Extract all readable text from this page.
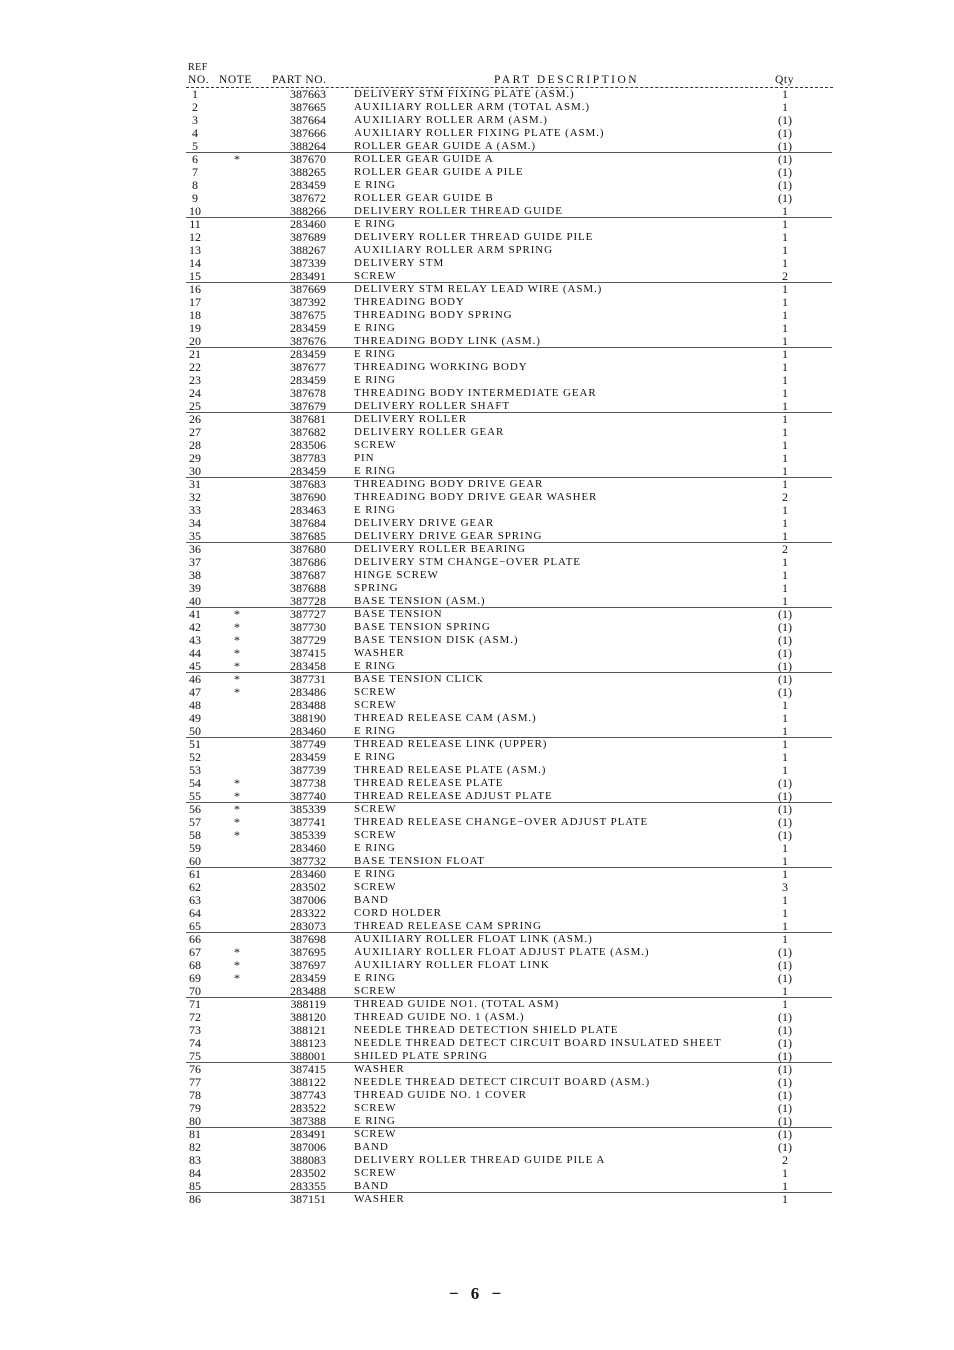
REF
NO. NOTE PART NO.	PART DESCRIPTION	Qty
1	387663	DELIVERY STM FIXING PLATE (ASM.)	1
2	387665	AUXILIARY ROLLER ARM (TOTAL ASM.)	1
3	387664	AUXILIARY ROLLER ARM (ASM.)	(1)
4	387666	AUXILIARY ROLLER FIXING PLATE (ASM.)	(1)
5	388264	ROLLER GEAR GUIDE A (ASM.)	(1)
6	*	387670	ROLLER GEAR GUIDE A	(1)
7	388265	ROLLER GEAR GUIDE A PILE	(1)
8	283459	E RING	(1)
9	387672	ROLLER GEAR GUIDE B	(1)
10	388266	DELIVERY ROLLER THREAD GUIDE	1
11	283460	E RING	1
12	387689	DELIVERY ROLLER THREAD GUIDE PILE	1
13	388267	AUXILIARY ROLLER ARM SPRING	1
14	387339	DELIVERY STM	1
15	283491	SCREW	2
16	387669	DELIVERY STM RELAY LEAD WIRE (ASM.)	1
17	387392	THREADING BODY	1
18	387675	THREADING BODY SPRING	1
19	283459	E RING	1
20	387676	THREADING BODY LINK (ASM.)	1
21	283459	E RING	1
22	387677	THREADING WORKING BODY	1
23	283459	E RING	1
24	387678	THREADING BODY INTERMEDIATE GEAR	1
25	387679	DELIVERY ROLLER SHAFT	1
26	387681	DELIVERY ROLLER	1
27	387682	DELIVERY ROLLER GEAR	1
28	283506	SCREW	1
29	387783	PIN	1
30	283459	E RING	1
31	387683	THREADING BODY DRIVE GEAR	1
32	387690	THREADING BODY DRIVE GEAR WASHER	2
33	283463	E RING	1
34	387684	DELIVERY DRIVE GEAR	1
35	387685	DELIVERY DRIVE GEAR SPRING	1
36	387680	DELIVERY ROLLER BEARING	2
37	387686	DELIVERY STM CHANGE−OVER PLATE	1
38	387687	HINGE SCREW	1
39	387688	SPRING	1
40	387728	BASE TENSION (ASM.)	1
41	*	387727	BASE TENSION	(1)
42	*	387730	BASE TENSION SPRING	(1)
43	*	387729	BASE TENSION DISK (ASM.)	(1)
44	*	387415	WASHER	(1)
45	*	283458	E RING	(1)
46	*	387731	BASE TENSION CLICK	(1)
47	*	283486	SCREW	(1)
48	283488	SCREW	1
49	388190	THREAD RELEASE CAM (ASM.)	1
50	283460	E RING	1
51	387749	THREAD RELEASE LINK (UPPER)	1
52	283459	E RING	1
53	387739	THREAD RELEASE PLATE (ASM.)	1
54	*	387738	THREAD RELEASE PLATE	(1)
55	*	387740	THREAD RELEASE ADJUST PLATE	(1)
56	*	385339	SCREW	(1)
57	*	387741	THREAD RELEASE CHANGE−OVER ADJUST PLATE	(1)
58	*	385339	SCREW	(1)
59	283460	E RING	1
60	387732	BASE TENSION FLOAT	1
61	283460	E RING	1
62	283502	SCREW	3
63	387006	BAND	1
64	283322	CORD HOLDER	1
65	283073	THREAD RELEASE CAM SPRING	1
66	387698	AUXILIARY ROLLER FLOAT LINK (ASM.)	1
67	*	387695	AUXILIARY ROLLER FLOAT ADJUST PLATE (ASM.)	(1)
68	*	387697	AUXILIARY ROLLER FLOAT LINK	(1)
69	*	283459	E RING	(1)
70	283488	SCREW	1
71	388119	THREAD GUIDE NO1. (TOTAL ASM)	1
72	388120	THREAD GUIDE NO. 1 (ASM.)	(1)
73	388121	NEEDLE THREAD DETECTION SHIELD PLATE	(1)
74	388123	NEEDLE THREAD DETECT CIRCUIT BOARD INSULATED SHEET	(1)
75	388001	SHILED PLATE SPRING	(1)
76	387415	WASHER	(1)
77	388122	NEEDLE THREAD DETECT CIRCUIT BOARD (ASM.)	(1)
78	387743	THREAD GUIDE NO. 1 COVER	(1)
79	283522	SCREW	(1)
80	387388	E RING	(1)
81	283491	SCREW	(1)
82	387006	BAND	(1)
83	388083	DELIVERY ROLLER THREAD GUIDE PILE A	2
84	283502	SCREW	1
85	283355	BAND	1
86	387151	WASHER	1
− 6 −
